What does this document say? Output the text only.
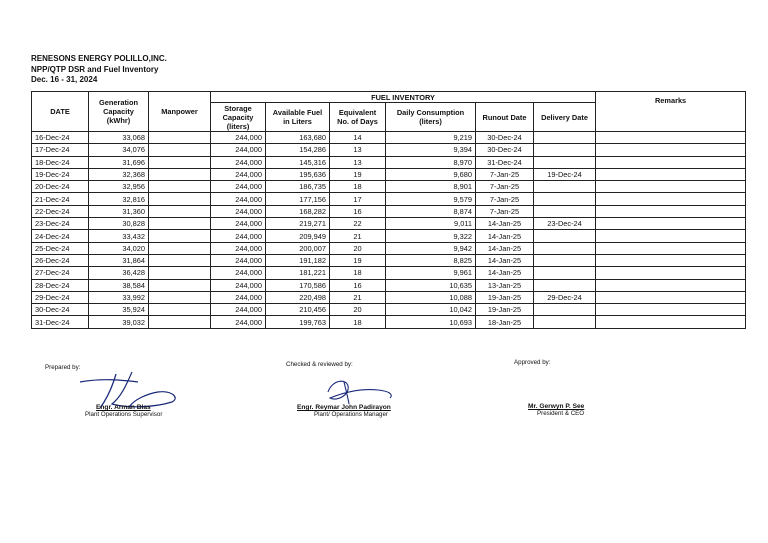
RENESONS ENERGY POLILLO,INC.
NPP/QTP DSR and Fuel Inventory
Dec. 16 - 31, 2024
DATE	Generation Capacity (kWhr)	Manpower	FUEL INVENTORY						Remarks
			Storage Capacity (liters)	Available Fuel in Liters	Equivalent No. of Days	Daily Consumption (liters)	Runout Date	Delivery Date	
16-Dec-24	33,068		244,000	163,680	14	9,219	30-Dec-24		
17-Dec-24	34,076		244,000	154,286	13	9,394	30-Dec-24		
18-Dec-24	31,696		244,000	145,316	13	8,970	31-Dec-24		
19-Dec-24	32,368		244,000	195,636	19	9,680	7-Jan-25	19-Dec-24	
20-Dec-24	32,956		244,000	186,735	18	8,901	7-Jan-25		
21-Dec-24	32,816		244,000	177,156	17	9,579	7-Jan-25		
22-Dec-24	31,360		244,000	168,282	16	8,874	7-Jan-25		
23-Dec-24	30,828		244,000	219,271	22	9,011	14-Jan-25	23-Dec-24	
24-Dec-24	33,432		244,000	209,949	21	9,322	14-Jan-25		
25-Dec-24	34,020		244,000	200,007	20	9,942	14-Jan-25		
26-Dec-24	31,864		244,000	191,182	19	8,825	14-Jan-25		
27-Dec-24	36,428		244,000	181,221	18	9,961	14-Jan-25		
28-Dec-24	38,584		244,000	170,586	16	10,635	13-Jan-25		
29-Dec-24	33,992		244,000	220,498	21	10,088	19-Jan-25	29-Dec-24	
30-Dec-24	35,924		244,000	210,456	20	10,042	19-Jan-25		
31-Dec-24	39,032		244,000	199,763	18	10,693	18-Jan-25		
Prepared by:
Engr. Arman Blas
Plant Operations Supervisor
Checked & reviewed by:
Engr. Reymar John Padirayon
Plant/ Operations Manager
Approved by:
Mr. Gerwyn P. See
President & CEO
